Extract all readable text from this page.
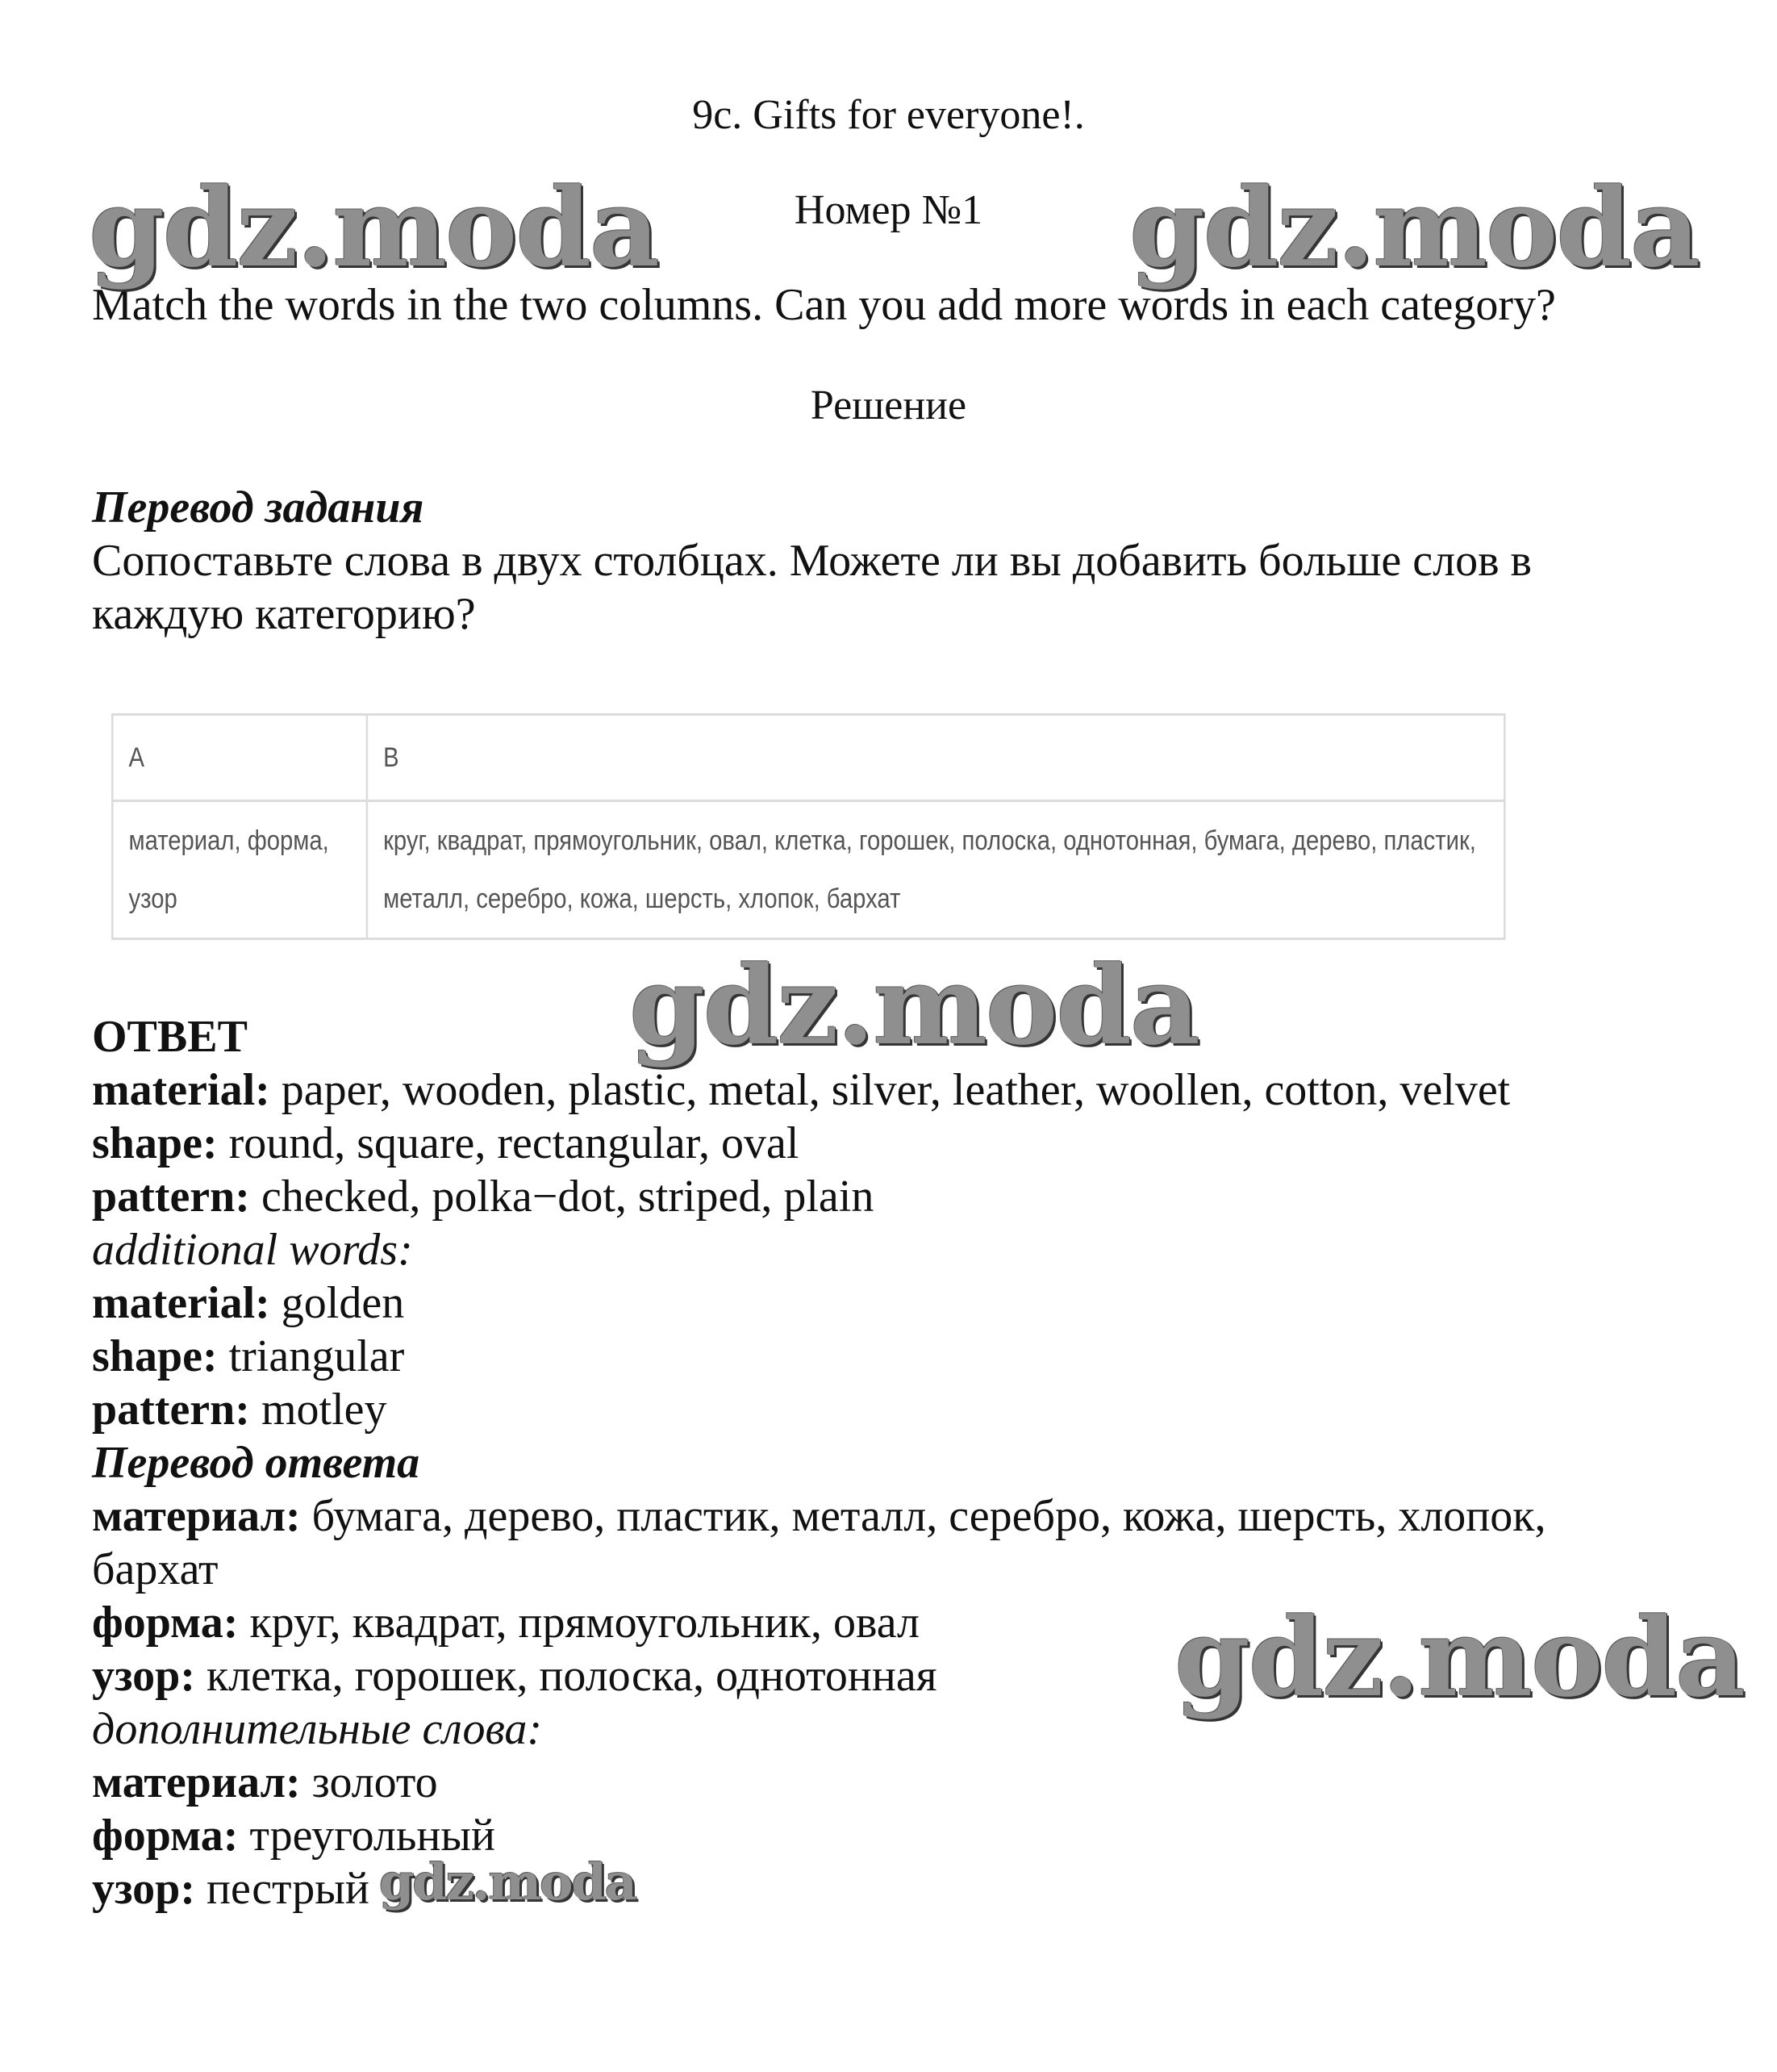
9c. Gifts for everyone!.
Номер №1
Match the words in the two columns. Can you add more words in each category?
Решение
Перевод задания
Сопоставьте слова в двух столбцах. Можете ли вы добавить больше слов в
каждую категорию?
A	B
материал, форма, узор	круг, квадрат, прямоугольник, овал, клетка, горошек, полоска, однотонная, бумага, дерево, пластик, металл, серебро, кожа, шерсть, хлопок, бархат
ОТВЕТ
material: paper, wooden, plastic, metal, silver, leather, woollen, cotton, velvet
shape: round, square, rectangular, oval
pattern: checked, polka−dot, striped, plain
additional words:
material: golden
shape: triangular
pattern: motley
Перевод ответа
материал: бумага, дерево, пластик, металл, серебро, кожа, шерсть, хлопок,
бархат
форма: круг, квадрат, прямоугольник, овал
узор: клетка, горошек, полоска, однотонная
дополнительные слова:
материал: золото
форма: треугольный
узор: пестрый
gdz.moda	gdz.moda
gdz.moda
gdz.moda
gdz.moda
